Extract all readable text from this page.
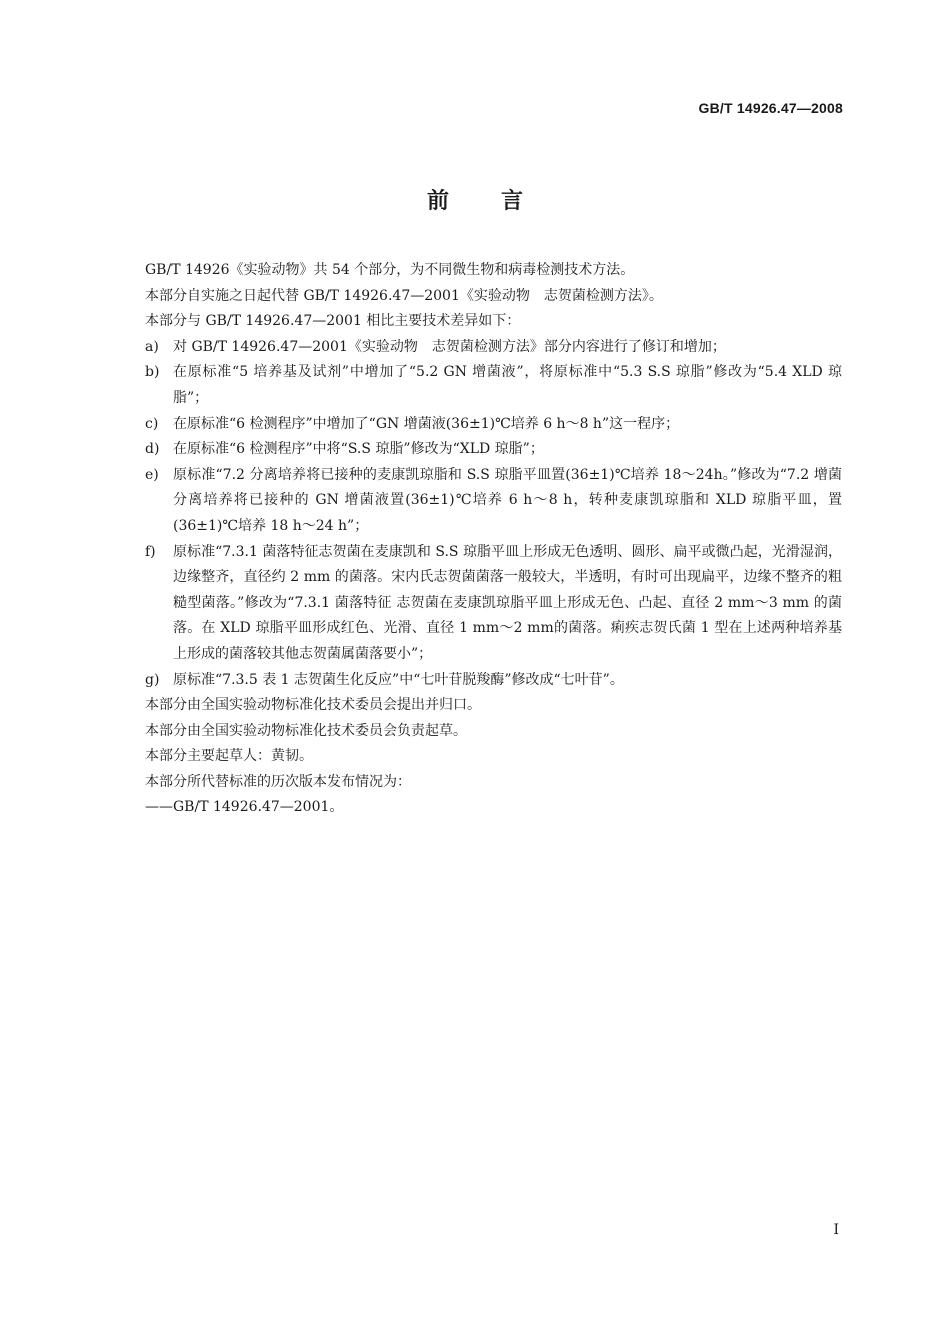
GB/T 14926.47—2008
前言

GB/T 14926《实验动物》共 54 个部分，为不同微生物和病毒检测技术方法。

本部分自实施之日起代替 GB/T 14926.47—2001《实验动物　志贺菌检测方法》。

本部分与 GB/T 14926.47—2001 相比主要技术差异如下：

a)	对 GB/T 14926.47—2001《实验动物　志贺菌检测方法》部分内容进行了修订和增加；
b) 在原标准“5 培养基及试剂”中增加了“5.2 GN 增菌液”，将原标准中“5.3 S.S 琼脂”修改为“5.4 XLD 琼脂”；
c)	在原标准“6 检测程序”中增加了“GN 增菌液(36±1)℃培养 6 h～8 h”这一程序；
d) 在原标准“6 检测程序”中将“S.S 琼脂”修改为“XLD 琼脂”；
e)	原标准“7.2 分离培养将已接种的麦康凯琼脂和 S.S 琼脂平皿置(36±1)℃培养 18～24h。”修改为“7.2 增菌分离培养将已接种的 GN 增菌液置(36±1)℃培养 6 h～8 h，转种麦康凯琼脂和 XLD 琼脂平皿，置(36±1)℃培养 18 h～24 h”；
f)	原标准“7.3.1 菌落特征志贺菌在麦康凯和 S.S 琼脂平皿上形成无色透明、圆形、扁平或微凸起，光滑湿润，边缘整齐，直径约 2 mm 的菌落。宋内氏志贺菌菌落一般较大，半透明，有时可出现扁平，边缘不整齐的粗糙型菌落。”修改为“7.3.1 菌落特征 志贺菌在麦康凯琼脂平皿上形成无色、凸起、直径 2 mm～3 mm 的菌落。在 XLD 琼脂平皿形成红色、光滑、直径 1 mm～2 mm的菌落。痢疾志贺氏菌 1 型在上述两种培养基上形成的菌落较其他志贺菌属菌落要小”；
g) 原标准“7.3.5 表 1 志贺菌生化反应”中“七叶苷脱羧酶”修改成“七叶苷”。

本部分由全国实验动物标准化技术委员会提出并归口。

本部分由全国实验动物标准化技术委员会负责起草。

本部分主要起草人：黄韧。

本部分所代替标准的历次版本发布情况为：

——GB/T 14926.47—2001。

I
